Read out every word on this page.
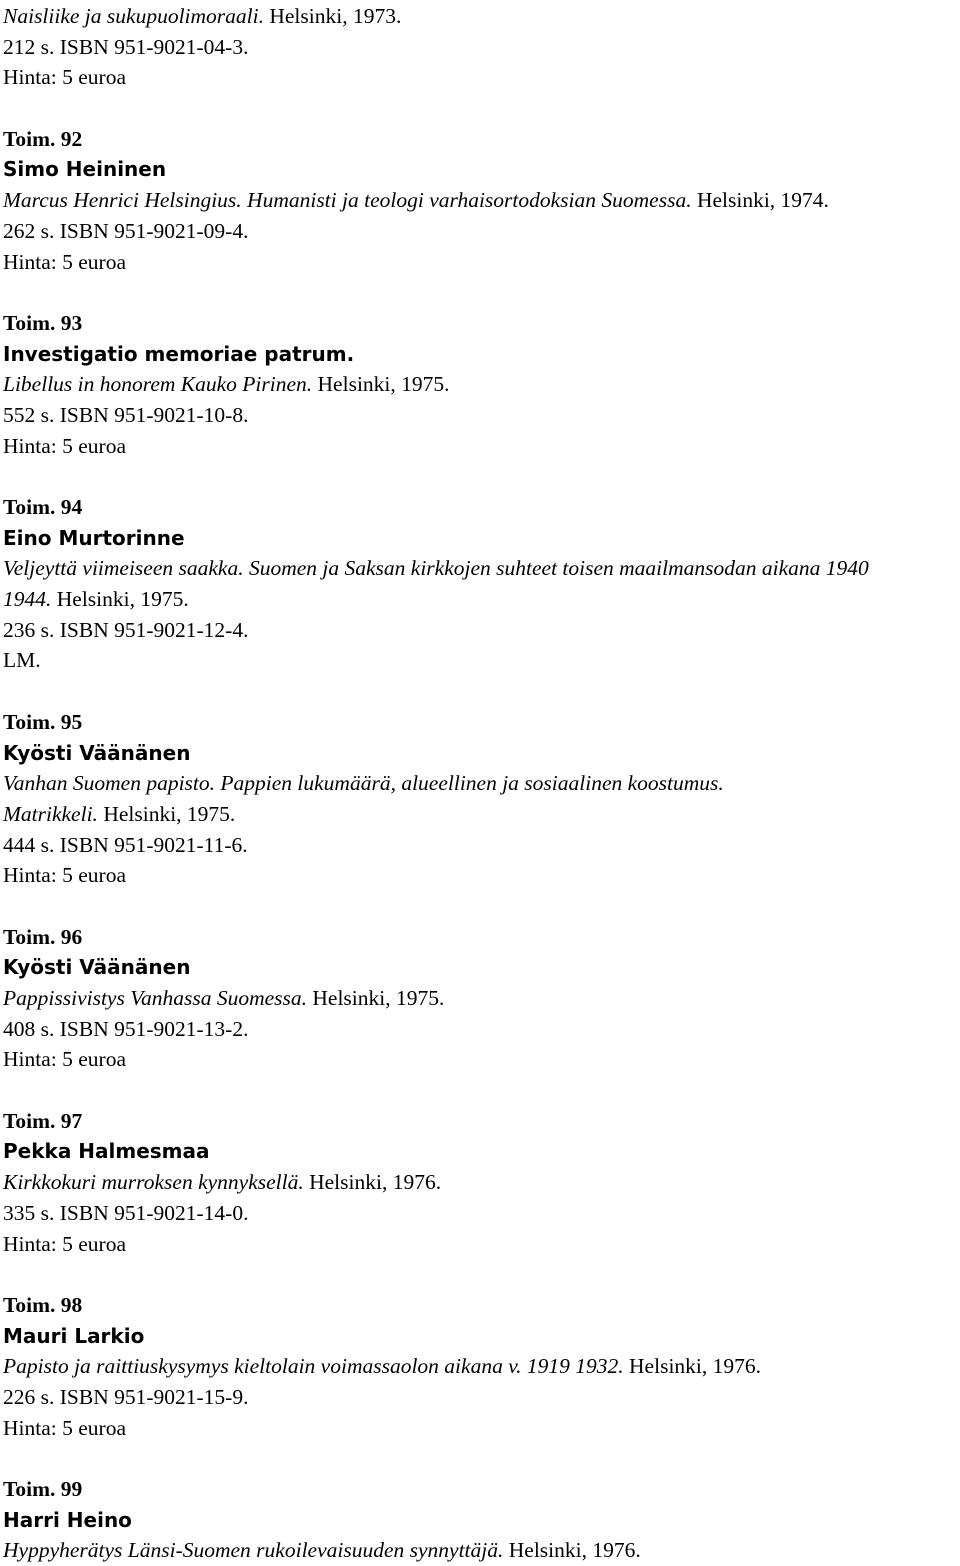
Naisliike ja sukupuolimoraali. Helsinki, 1973.
212 s. ISBN 951-9021-04-3.
Hinta: 5 euroa
Toim. 92
Simo Heininen
Marcus Henrici Helsingius. Humanisti ja teologi varhaisortodoksian Suomessa. Helsinki, 1974.
262 s. ISBN 951-9021-09-4.
Hinta: 5 euroa
Toim. 93
Investigatio memoriae patrum.
Libellus in honorem Kauko Pirinen. Helsinki, 1975.
552 s. ISBN 951-9021-10-8.
Hinta: 5 euroa
Toim. 94
Eino Murtorinne
Veljeyttä viimeiseen saakka. Suomen ja Saksan kirkkojen suhteet toisen maailmansodan aikana 1940
1944. Helsinki, 1975.
236 s. ISBN 951-9021-12-4.
LM.
Toim. 95
Kyösti Väänänen
Vanhan Suomen papisto. Pappien lukumäärä, alueellinen ja sosiaalinen koostumus.
Matrikkeli. Helsinki, 1975.
444 s. ISBN 951-9021-11-6.
Hinta: 5 euroa
Toim. 96
Kyösti Väänänen
Pappissivistys Vanhassa Suomessa. Helsinki, 1975.
408 s. ISBN 951-9021-13-2.
Hinta: 5 euroa
Toim. 97
Pekka Halmesmaa
Kirkkokuri murroksen kynnyksellä. Helsinki, 1976.
335 s. ISBN 951-9021-14-0.
Hinta: 5 euroa
Toim. 98
Mauri Larkio
Papisto ja raittiuskysymys kieltolain voimassaolon aikana v. 1919 1932. Helsinki, 1976.
226 s. ISBN 951-9021-15-9.
Hinta: 5 euroa
Toim. 99
Harri Heino
Hyppyherätys Länsi-Suomen rukoilevaisuuden synnyttäjä. Helsinki, 1976.
